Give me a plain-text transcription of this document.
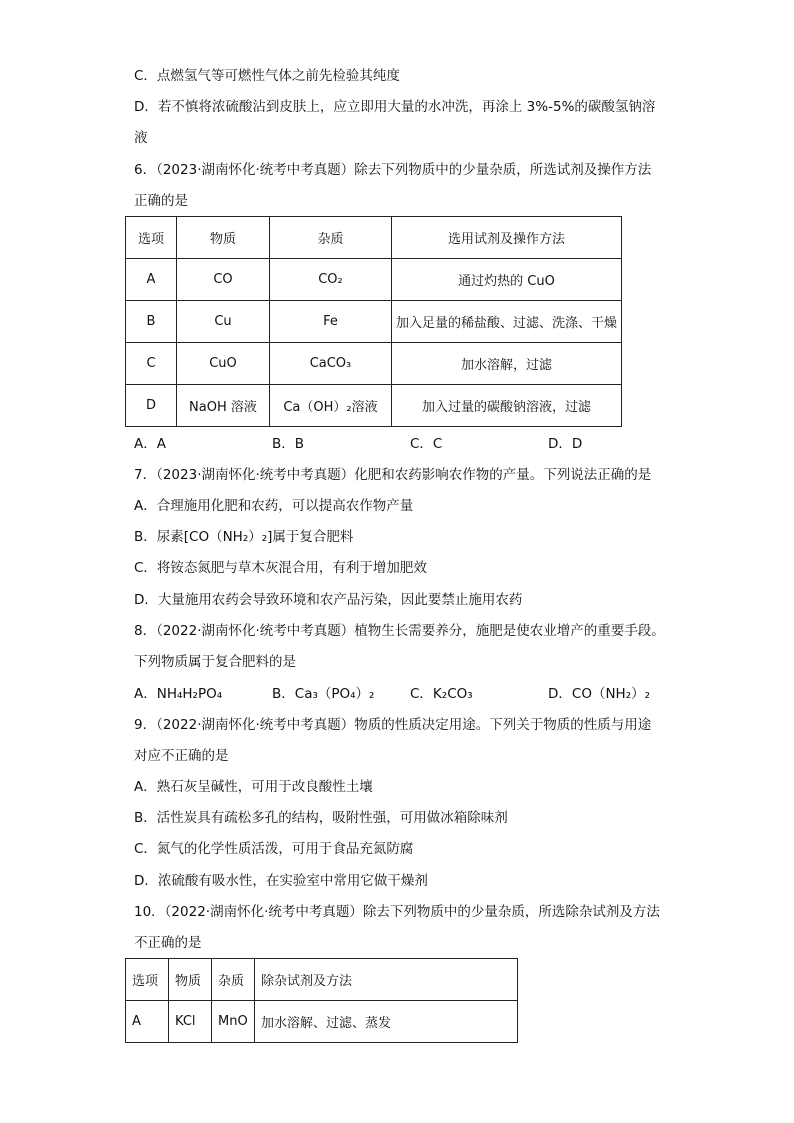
C．点燃氢气等可燃性气体之前先检验其纯度
D．若不慎将浓硫酸沾到皮肤上，应立即用大量的水冲洗，再涂上 3%-5%的碳酸氢钠溶
液
6．（2023·湖南怀化·统考中考真题）除去下列物质中的少量杂质，所选试剂及操作方法
正确的是
选项	物质	杂质	选用试剂及操作方法
A	CO	CO₂	通过灼热的 CuO
B	Cu	Fe	加入足量的稀盐酸、过滤、洗涤、干燥
C	CuO	CaCO₃	加水溶解，过滤
D	NaOH 溶液	Ca（OH）₂溶液	加入过量的碳酸钠溶液，过滤
A．A	B．B	C．C	D．D
7．（2023·湖南怀化·统考中考真题）化肥和农药影响农作物的产量。下列说法正确的是
A．合理施用化肥和农药，可以提高农作物产量
B．尿素[CO（NH₂）₂]属于复合肥料
C．将铵态氮肥与草木灰混合用，有利于增加肥效
D．大量施用农药会导致环境和农产品污染，因此要禁止施用农药
8．（2022·湖南怀化·统考中考真题）植物生长需要养分，施肥是使农业增产的重要手段。
下列物质属于复合肥料的是
A．NH₄H₂PO₄	B．Ca₃（PO₄）₂	C．K₂CO₃	D．CO（NH₂）₂
9．（2022·湖南怀化·统考中考真题）物质的性质决定用途。下列关于物质的性质与用途
对应不正确的是
A．熟石灰呈碱性，可用于改良酸性土壤
B．活性炭具有疏松多孔的结构，吸附性强，可用做冰箱除味剂
C．氮气的化学性质活泼，可用于食品充氮防腐
D．浓硫酸有吸水性，在实验室中常用它做干燥剂
10．（2022·湖南怀化·统考中考真题）除去下列物质中的少量杂质，所选除杂试剂及方法
不正确的是
选项	物质	杂质	除杂试剂及方法
A	KCl	MnO	加水溶解、过滤、蒸发
